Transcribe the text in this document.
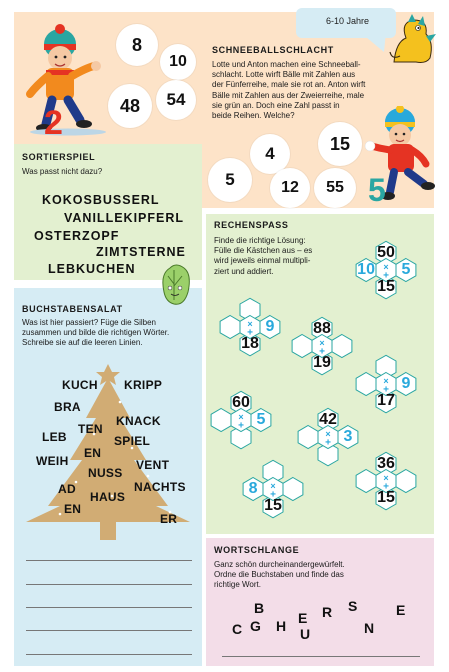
6-10 Jahre
2
8
10
48 54
SCHNEEBALLSCHLACHT
Lotte und Anton machen eine Schneeball-
schlacht. Lotte wirft Bälle mit Zahlen aus
der Fünferreihe, male sie rot an. Anton wirft
Bälle mit Zahlen aus der Zweierreihe, male
sie grün an. Doch eine Zahl passt in
beide Reihen. Welche?
4	15
5	12 55 5
SORTIERSPIEL
Was passt nicht dazu?
KOKOSBUSSERL
VANILLEKIPFERL
OSTERZOPF
ZIMTSTERNE
LEBKUCHEN
BUCHSTABENSALAT
Was ist hier passiert? Füge die Silben
zusammen und bilde die richtigen Wörter.
Schreibe sie auf die leeren Linien.
KUCH KRIPP
BRA
KNACK
TEN
LEB	SPIEL
EN
WEIH	VENT
NUSS
AD	NACHTS
HAUS
EN
ER
RECHENSPASS
Finde die richtige Lösung:
Fülle die Kästchen aus – es
wird jeweils einmal multipli-
ziert und addiert.
50
10 5
15
×
+
9
18
×
+	88
19
×
+
9
17
×
+
60
5
×
+	42
3
×
+
36
15
×
+
8
15
×
+
WORTSCHLANGE
Ganz schön durcheinandergewürfelt.
Ordne die Buchstaben und finde das
richtige Wort.
B
E R S	E
C G H U	N
